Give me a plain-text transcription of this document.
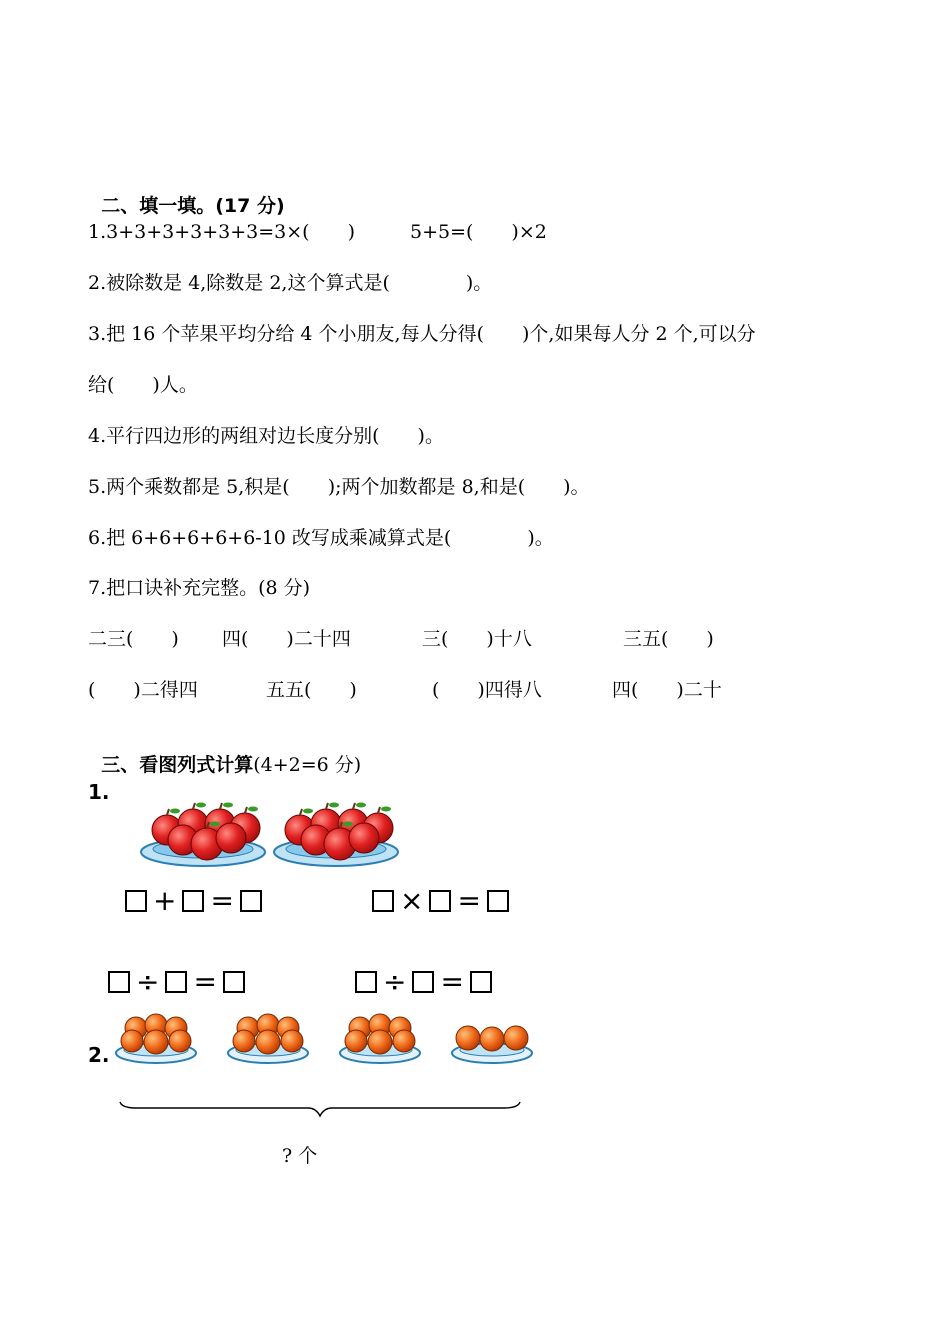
二、填一填。(17 分)

1.3+3+3+3+3+3=3×(　　)	5+5=(　　)×2
2.被除数是 4,除数是 2,这个算式是(　　　　)。
3.把 16 个苹果平均分给 4 个小朋友,每人分得(　　)个,如果每人分 2 个,可以分
给(　　)人。
4.平行四边形的两组对边长度分别(　　)。
5.两个乘数都是 5,积是(　　);两个加数都是 8,和是(　　)。
6.把 6+6+6+6+6-10 改写成乘减算式是(　　　　)。
7.把口诀补充完整。(8 分)
二三(　　) 四(　　)二十四	三(　　)十八	三五(　　)
(　　)二得四	五五(　　)	(　　)四得八	四(　　)二十

三、看图列式计算(4+2=6 分)

1.
+ =	× =
÷ =	÷ =
2.
? 个
